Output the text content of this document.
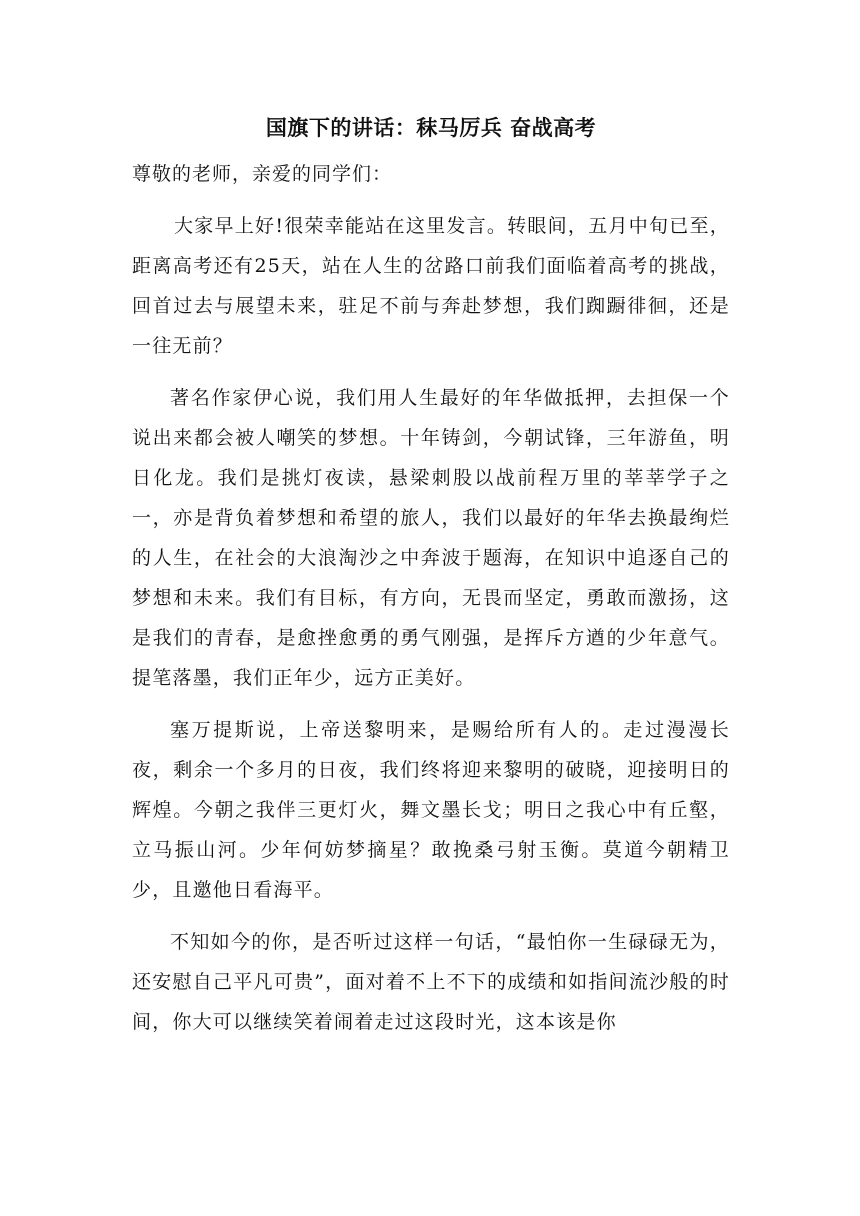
国旗下的讲话：秣马厉兵 奋战高考

尊敬的老师，亲爱的同学们：

大家早上好!很荣幸能站在这里发言。转眼间，五月中旬已至，距离高考还有25天，站在人生的岔路口前我们面临着高考的挑战，回首过去与展望未来，驻足不前与奔赴梦想，我们踟蹰徘徊，还是一往无前？

著名作家伊心说，我们用人生最好的年华做抵押，去担保一个说出来都会被人嘲笑的梦想。十年铸剑，今朝试锋，三年游鱼，明日化龙。我们是挑灯夜读，悬梁刺股以战前程万里的莘莘学子之一，亦是背负着梦想和希望的旅人，我们以最好的年华去换最绚烂的人生，在社会的大浪淘沙之中奔波于题海，在知识中追逐自己的梦想和未来。我们有目标，有方向，无畏而坚定，勇敢而激扬，这是我们的青春，是愈挫愈勇的勇气刚强，是挥斥方遒的少年意气。提笔落墨，我们正年少，远方正美好。

塞万提斯说，上帝送黎明来，是赐给所有人的。走过漫漫长夜，剩余一个多月的日夜，我们终将迎来黎明的破晓，迎接明日的辉煌。今朝之我伴三更灯火，舞文墨长戈；明日之我心中有丘壑，立马振山河。少年何妨梦摘星？敢挽桑弓射玉衡。莫道今朝精卫少，且邀他日看海平。

不知如今的你，是否听过这样一句话，“最怕你一生碌碌无为，还安慰自己平凡可贵”，面对着不上不下的成绩和如指间流沙般的时间，你大可以继续笑着闹着走过这段时光，这本该是你
